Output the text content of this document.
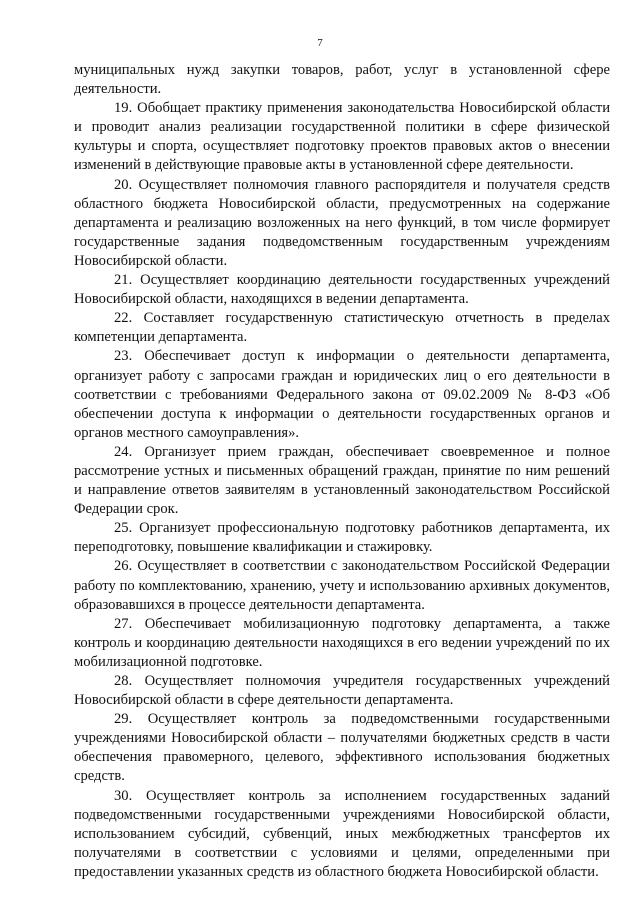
7

муниципальных нужд закупки товаров, работ, услуг в установленной сфере деятельности.

19. Обобщает практику применения законодательства Новосибирской области и проводит анализ реализации государственной политики в сфере физической культуры и спорта, осуществляет подготовку проектов правовых актов о внесении изменений в действующие правовые акты в установленной сфере деятельности.

20. Осуществляет полномочия главного распорядителя и получателя средств областного бюджета Новосибирской области, предусмотренных на содержание департамента и реализацию возложенных на него функций, в том числе формирует государственные задания подведомственным государственным учреждениям Новосибирской области.

21. Осуществляет координацию деятельности государственных учреждений Новосибирской области, находящихся в ведении департамента.

22. Составляет государственную статистическую отчетность в пределах компетенции департамента.

23. Обеспечивает доступ к информации о деятельности департамента, организует работу с запросами граждан и юридических лиц о его деятельности в соответствии с требованиями Федерального закона от 09.02.2009 № 8-ФЗ «Об обеспечении доступа к информации о деятельности государственных органов и органов местного самоуправления».

24. Организует прием граждан, обеспечивает своевременное и полное рассмотрение устных и письменных обращений граждан, принятие по ним решений и направление ответов заявителям в установленный законодательством Российской Федерации срок.

25. Организует профессиональную подготовку работников департамента, их переподготовку, повышение квалификации и стажировку.

26. Осуществляет в соответствии с законодательством Российской Федерации работу по комплектованию, хранению, учету и использованию архивных документов, образовавшихся в процессе деятельности департамента.

27. Обеспечивает мобилизационную подготовку департамента, а также контроль и координацию деятельности находящихся в его ведении учреждений по их мобилизационной подготовке.

28. Осуществляет полномочия учредителя государственных учреждений Новосибирской области в сфере деятельности департамента.

29. Осуществляет контроль за подведомственными государственными учреждениями Новосибирской области – получателями бюджетных средств в части обеспечения правомерного, целевого, эффективного использования бюджетных средств.

30. Осуществляет контроль за исполнением государственных заданий подведомственными государственными учреждениями Новосибирской области, использованием субсидий, субвенций, иных межбюджетных трансфертов их получателями в соответствии с условиями и целями, определенными при предоставлении указанных средств из областного бюджета Новосибирской области.
